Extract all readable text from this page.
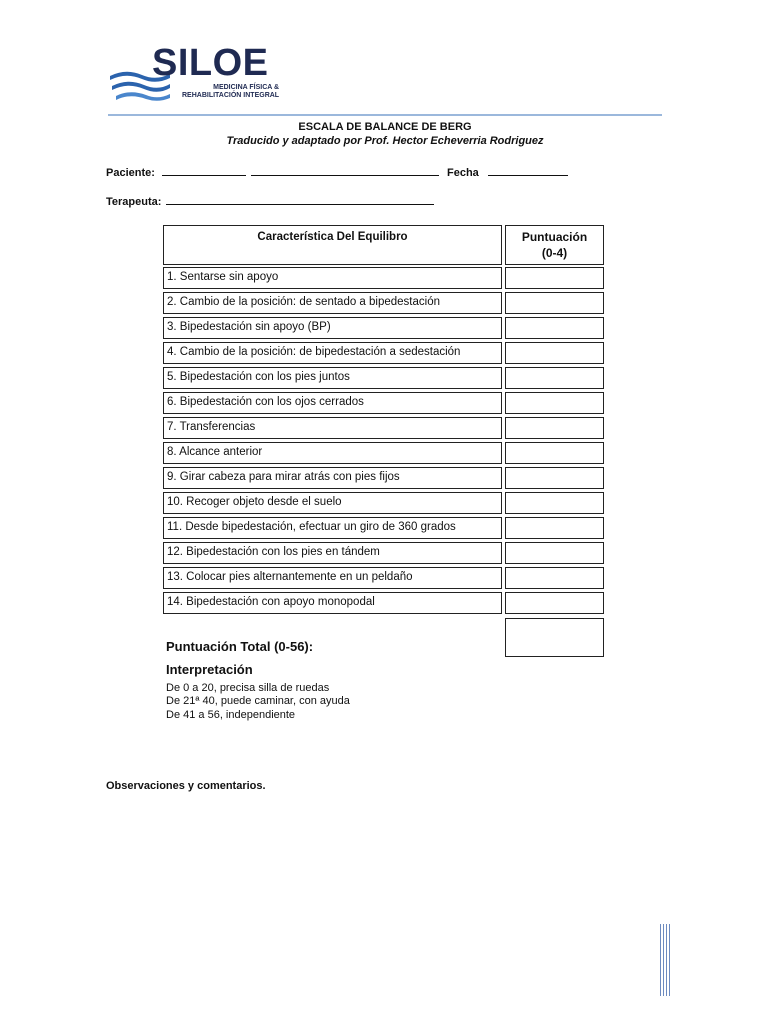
SILOE
MEDICINA FÍSICA &
REHABILITACIÓN INTEGRAL
ESCALA DE BALANCE DE BERG
Traducido y adaptado por Prof. Hector Echeverria Rodriguez
Paciente:	Fecha
Terapeuta:
Característica Del Equilibro	Puntuación
(0-4)
1. Sentarse sin apoyo
2. Cambio de la posición: de sentado a bipedestación
3. Bipedestación sin apoyo (BP)
4. Cambio de la posición: de bipedestación a sedestación
5. Bipedestación con los pies juntos
6. Bipedestación con los ojos cerrados
7. Transferencias
8. Alcance anterior
9. Girar cabeza para mirar atrás con pies fijos
10. Recoger objeto desde el suelo
11. Desde bipedestación, efectuar un giro de 360 grados
12. Bipedestación con los pies en tándem
13. Colocar pies alternantemente en un peldaño
14. Bipedestación con apoyo monopodal
Puntuación Total (0-56):
Interpretación
De 0 a 20, precisa silla de ruedas
De 21ª 40, puede caminar, con ayuda
De 41 a 56, independiente
Observaciones y comentarios.
